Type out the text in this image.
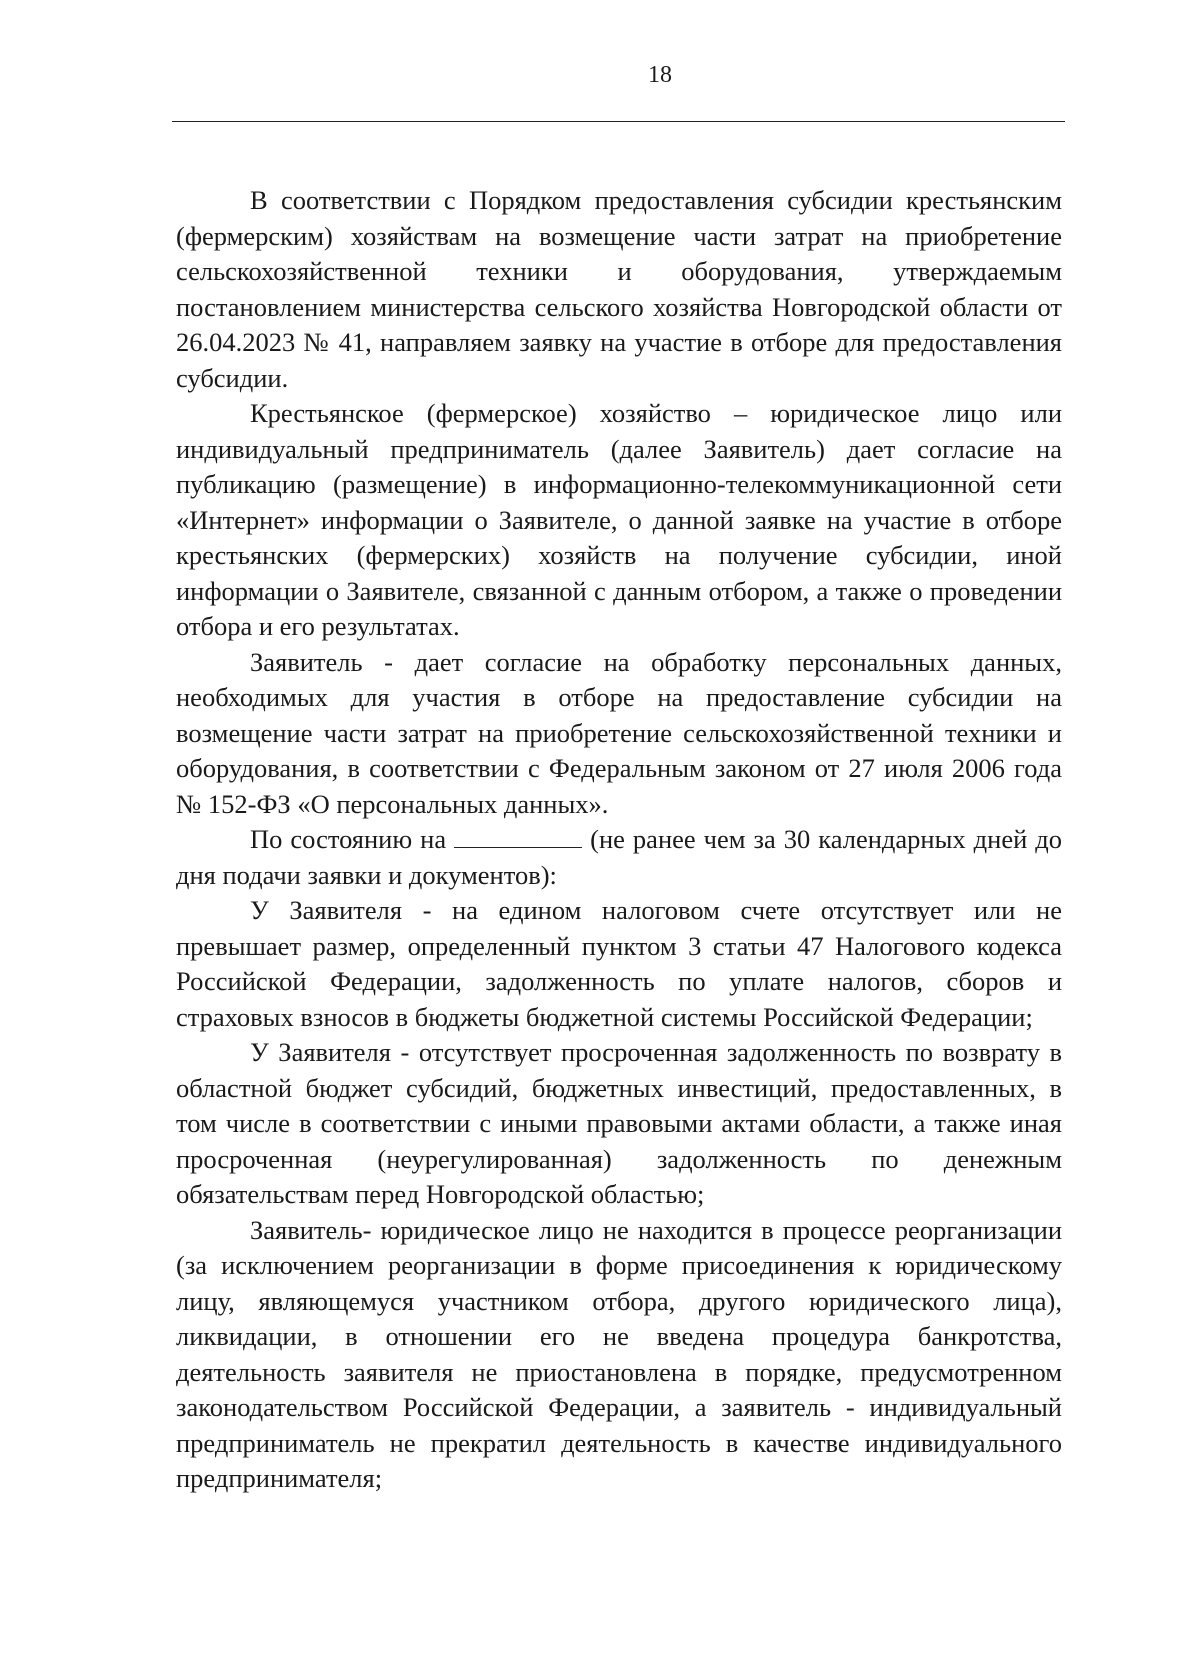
18

В соответствии с Порядком предоставления субсидии крестьянским (фермерским) хозяйствам на возмещение части затрат на приобретение сельскохозяйственной техники и оборудования, утверждаемым постановлением министерства сельского хозяйства Новгородской области от 26.04.2023 № 41, направляем заявку на участие в отборе для предоставления субсидии.

Крестьянское (фермерское) хозяйство – юридическое лицо или индивидуальный предприниматель (далее Заявитель) дает согласие на публикацию (размещение) в информационно-телекоммуникационной сети «Интернет» информации о Заявителе, о данной заявке на участие в отборе крестьянских (фермерских) хозяйств на получение субсидии, иной информации о Заявителе, связанной с данным отбором, а также о проведении отбора и его результатах.

Заявитель - дает согласие на обработку персональных данных, необходимых для участия в отборе на предоставление субсидии на возмещение части затрат на приобретение сельскохозяйственной техники и оборудования, в соответствии с Федеральным законом от 27 июля 2006 года № 152-ФЗ «О персональных данных».

По состоянию на	(не ранее чем за 30 календарных дней до дня подачи заявки и документов):

У Заявителя - на едином налоговом счете отсутствует или не превышает размер, определенный пунктом 3 статьи 47 Налогового кодекса Российской Федерации, задолженность по уплате налогов, сборов и страховых взносов в бюджеты бюджетной системы Российской Федерации;

У Заявителя - отсутствует просроченная задолженность по возврату в областной бюджет субсидий, бюджетных инвестиций, предоставленных, в том числе в соответствии с иными правовыми актами области, а также иная просроченная (неурегулированная) задолженность по денежным обязательствам перед Новгородской областью;

Заявитель- юридическое лицо не находится в процессе реорганизации (за исключением реорганизации в форме присоединения к юридическому лицу, являющемуся участником отбора, другого юридического лица), ликвидации, в отношении его не введена процедура банкротства, деятельность заявителя не приостановлена в порядке, предусмотренном законодательством Российской Федерации, а заявитель - индивидуальный предприниматель не прекратил деятельность в качестве индивидуального предпринимателя;
